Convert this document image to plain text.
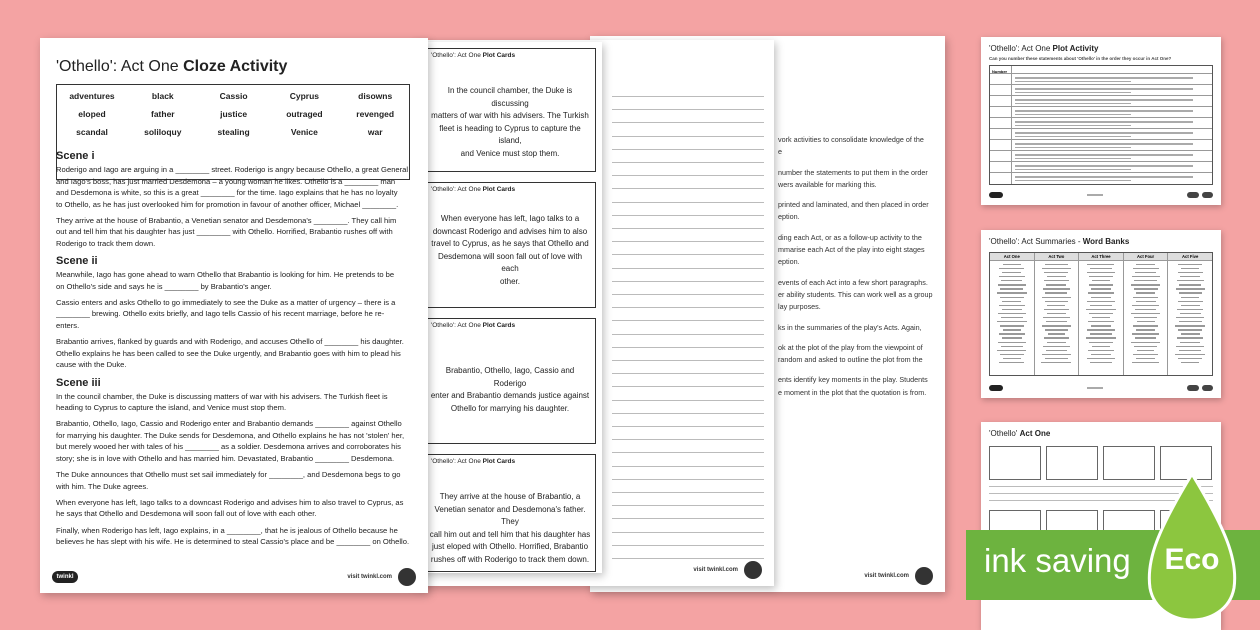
vork activities to consolidate knowledge of the
e
number the statements to put them in the order
wers available for marking this.
printed and laminated, and then placed in order
eption.
ding each Act, or as a follow-up activity to the
mmarise each Act of the play into eight stages
eption.
events of each Act into a few short paragraphs.
er ability students. This can work well as a group
lay purposes.
ks in the summaries of the play's Acts. Again,
ok at the plot of the play from the viewpoint of
random and asked to outline the plot from the
ents identify key moments in the play. Students
e moment in the plot that the quotation is from.
visit twinkl.com
visit twinkl.com
'Othello': Act One Plot Cards
In the council chamber, the Duke is discussing
matters of war with his advisers. The Turkish
fleet is heading to Cyprus to capture the island,
and Venice must stop them.
'Othello': Act One Plot Cards
When everyone has left, Iago talks to a
downcast Roderigo and advises him to also
travel to Cyprus, as he says that Othello and
Desdemona will soon fall out of love with each
other.
'Othello': Act One Plot Cards
Brabantio, Othello, Iago, Cassio and Roderigo
enter and Brabantio demands justice against
Othello for marrying his daughter.
'Othello': Act One Plot Cards
They arrive at the house of Brabantio, a
Venetian senator and Desdemona's father. They
call him out and tell him that his daughter has
just eloped with Othello. Horrified, Brabantio
rushes off with Roderigo to track them down.
'Othello': Act One Cloze Activity
adventures	black	Cassio	Cyprus	disowns
eloped	father	justice	outraged	revenged
scandal	soliloquy	stealing	Venice	war
Scene i
Roderigo and Iago are arguing in a ________ street. Roderigo is angry because Othello, a great General
and Iago's boss, has just married Desdemona – a young woman he likes. Othello is a ________ man
and Desdemona is white, so this is a great ________ for the time. Iago explains that he has no loyalty
to Othello, as he has just overlooked him for promotion in favour of another officer, Michael ________.
They arrive at the house of Brabantio, a Venetian senator and Desdemona's ________. They call him
out and tell him that his daughter has just ________ with Othello. Horrified, Brabantio rushes off with
Roderigo to track them down.
Scene ii
Meanwhile, Iago has gone ahead to warn Othello that Brabantio is looking for him. He pretends to be
on Othello's side and says he is ________ by Brabantio's anger.
Cassio enters and asks Othello to go immediately to see the Duke as a matter of urgency – there is a
________ brewing. Othello exits briefly, and Iago tells Cassio of his recent marriage, before he re-
enters.
Brabantio arrives, flanked by guards and with Roderigo, and accuses Othello of ________ his daughter.
Othello explains he has been called to see the Duke urgently, and Brabantio goes with him to plead his
cause with the Duke.
Scene iii
In the council chamber, the Duke is discussing matters of war with his advisers. The Turkish fleet is
heading to Cyprus to capture the island, and Venice must stop them.
Brabantio, Othello, Iago, Cassio and Roderigo enter and Brabantio demands ________ against Othello
for marrying his daughter. The Duke sends for Desdemona, and Othello explains he has not 'stolen' her,
but merely wooed her with tales of his ________ as a soldier. Desdemona arrives and corroborates his
story; she is in love with Othello and has married him. Devastated, Brabantio ________ Desdemona.
The Duke announces that Othello must set sail immediately for ________, and Desdemona begs to go
with him. The Duke agrees.
When everyone has left, Iago talks to a downcast Roderigo and advises him to also travel to Cyprus, as
he says that Othello and Desdemona will soon fall out of love with each other.
Finally, when Roderigo has left, Iago explains, in a ________, that he is jealous of Othello because he
believes he has slept with his wife. He is determined to steal Cassio's place and be ________ on Othello.
twinkl	visit twinkl.com
'Othello': Act One Plot Activity
Can you number these statements about 'Othello' in the order they occur in Act One?
Number
'Othello': Act Summaries - Word Banks
Act One	Act Two	Act Three	Act Four	Act Five
'Othello' Act One
ink saving	Eco
